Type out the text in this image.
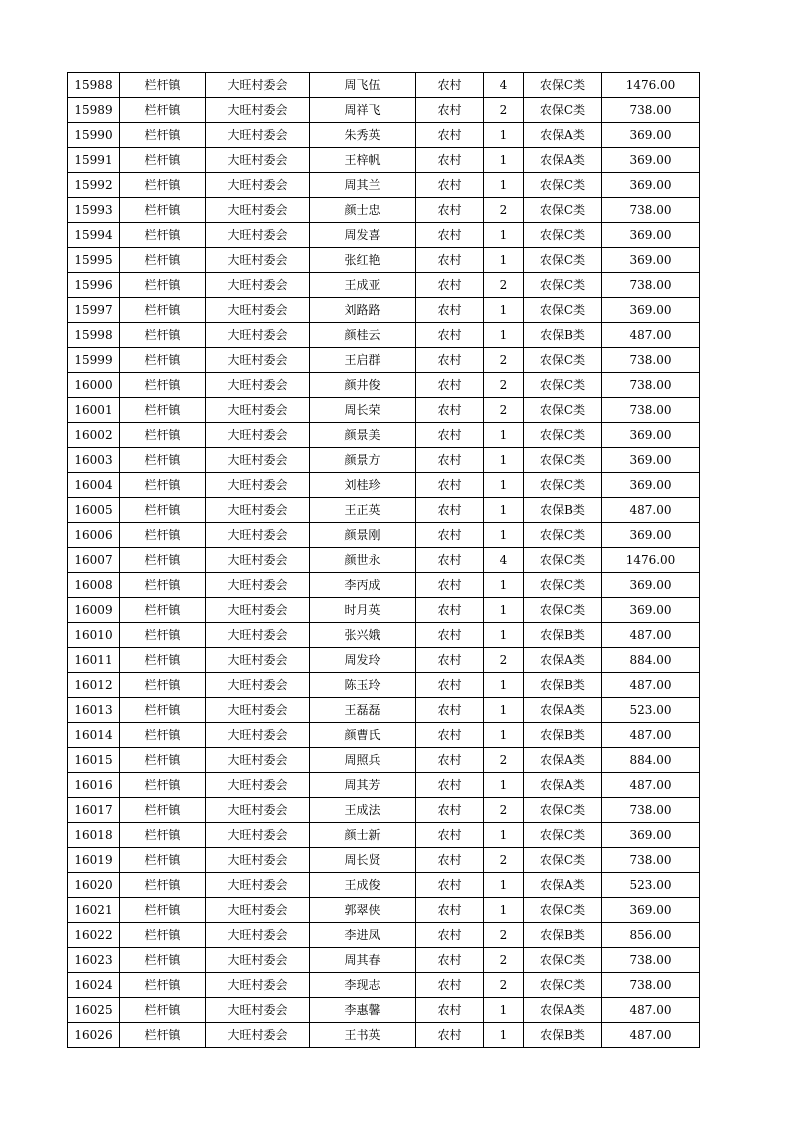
15988	栏杆镇	大旺村委会	周飞伍	农村	4	农保C类	1476.00
15989	栏杆镇	大旺村委会	周祥飞	农村	2	农保C类	738.00
15990	栏杆镇	大旺村委会	朱秀英	农村	1	农保A类	369.00
15991	栏杆镇	大旺村委会	王梓帆	农村	1	农保A类	369.00
15992	栏杆镇	大旺村委会	周其兰	农村	1	农保C类	369.00
15993	栏杆镇	大旺村委会	颜士忠	农村	2	农保C类	738.00
15994	栏杆镇	大旺村委会	周发喜	农村	1	农保C类	369.00
15995	栏杆镇	大旺村委会	张红艳	农村	1	农保C类	369.00
15996	栏杆镇	大旺村委会	王成亚	农村	2	农保C类	738.00
15997	栏杆镇	大旺村委会	刘路路	农村	1	农保C类	369.00
15998	栏杆镇	大旺村委会	颜桂云	农村	1	农保B类	487.00
15999	栏杆镇	大旺村委会	王启群	农村	2	农保C类	738.00
16000	栏杆镇	大旺村委会	颜井俊	农村	2	农保C类	738.00
16001	栏杆镇	大旺村委会	周长荣	农村	2	农保C类	738.00
16002	栏杆镇	大旺村委会	颜景美	农村	1	农保C类	369.00
16003	栏杆镇	大旺村委会	颜景方	农村	1	农保C类	369.00
16004	栏杆镇	大旺村委会	刘桂珍	农村	1	农保C类	369.00
16005	栏杆镇	大旺村委会	王正英	农村	1	农保B类	487.00
16006	栏杆镇	大旺村委会	颜景刚	农村	1	农保C类	369.00
16007	栏杆镇	大旺村委会	颜世永	农村	4	农保C类	1476.00
16008	栏杆镇	大旺村委会	李丙成	农村	1	农保C类	369.00
16009	栏杆镇	大旺村委会	时月英	农村	1	农保C类	369.00
16010	栏杆镇	大旺村委会	张兴娥	农村	1	农保B类	487.00
16011	栏杆镇	大旺村委会	周发玲	农村	2	农保A类	884.00
16012	栏杆镇	大旺村委会	陈玉玲	农村	1	农保B类	487.00
16013	栏杆镇	大旺村委会	王磊磊	农村	1	农保A类	523.00
16014	栏杆镇	大旺村委会	颜曹氏	农村	1	农保B类	487.00
16015	栏杆镇	大旺村委会	周照兵	农村	2	农保A类	884.00
16016	栏杆镇	大旺村委会	周其芳	农村	1	农保A类	487.00
16017	栏杆镇	大旺村委会	王成法	农村	2	农保C类	738.00
16018	栏杆镇	大旺村委会	颜士新	农村	1	农保C类	369.00
16019	栏杆镇	大旺村委会	周长贤	农村	2	农保C类	738.00
16020	栏杆镇	大旺村委会	王成俊	农村	1	农保A类	523.00
16021	栏杆镇	大旺村委会	郭翠侠	农村	1	农保C类	369.00
16022	栏杆镇	大旺村委会	李进凤	农村	2	农保B类	856.00
16023	栏杆镇	大旺村委会	周其春	农村	2	农保C类	738.00
16024	栏杆镇	大旺村委会	李现志	农村	2	农保C类	738.00
16025	栏杆镇	大旺村委会	李惠馨	农村	1	农保A类	487.00
16026	栏杆镇	大旺村委会	王书英	农村	1	农保B类	487.00
